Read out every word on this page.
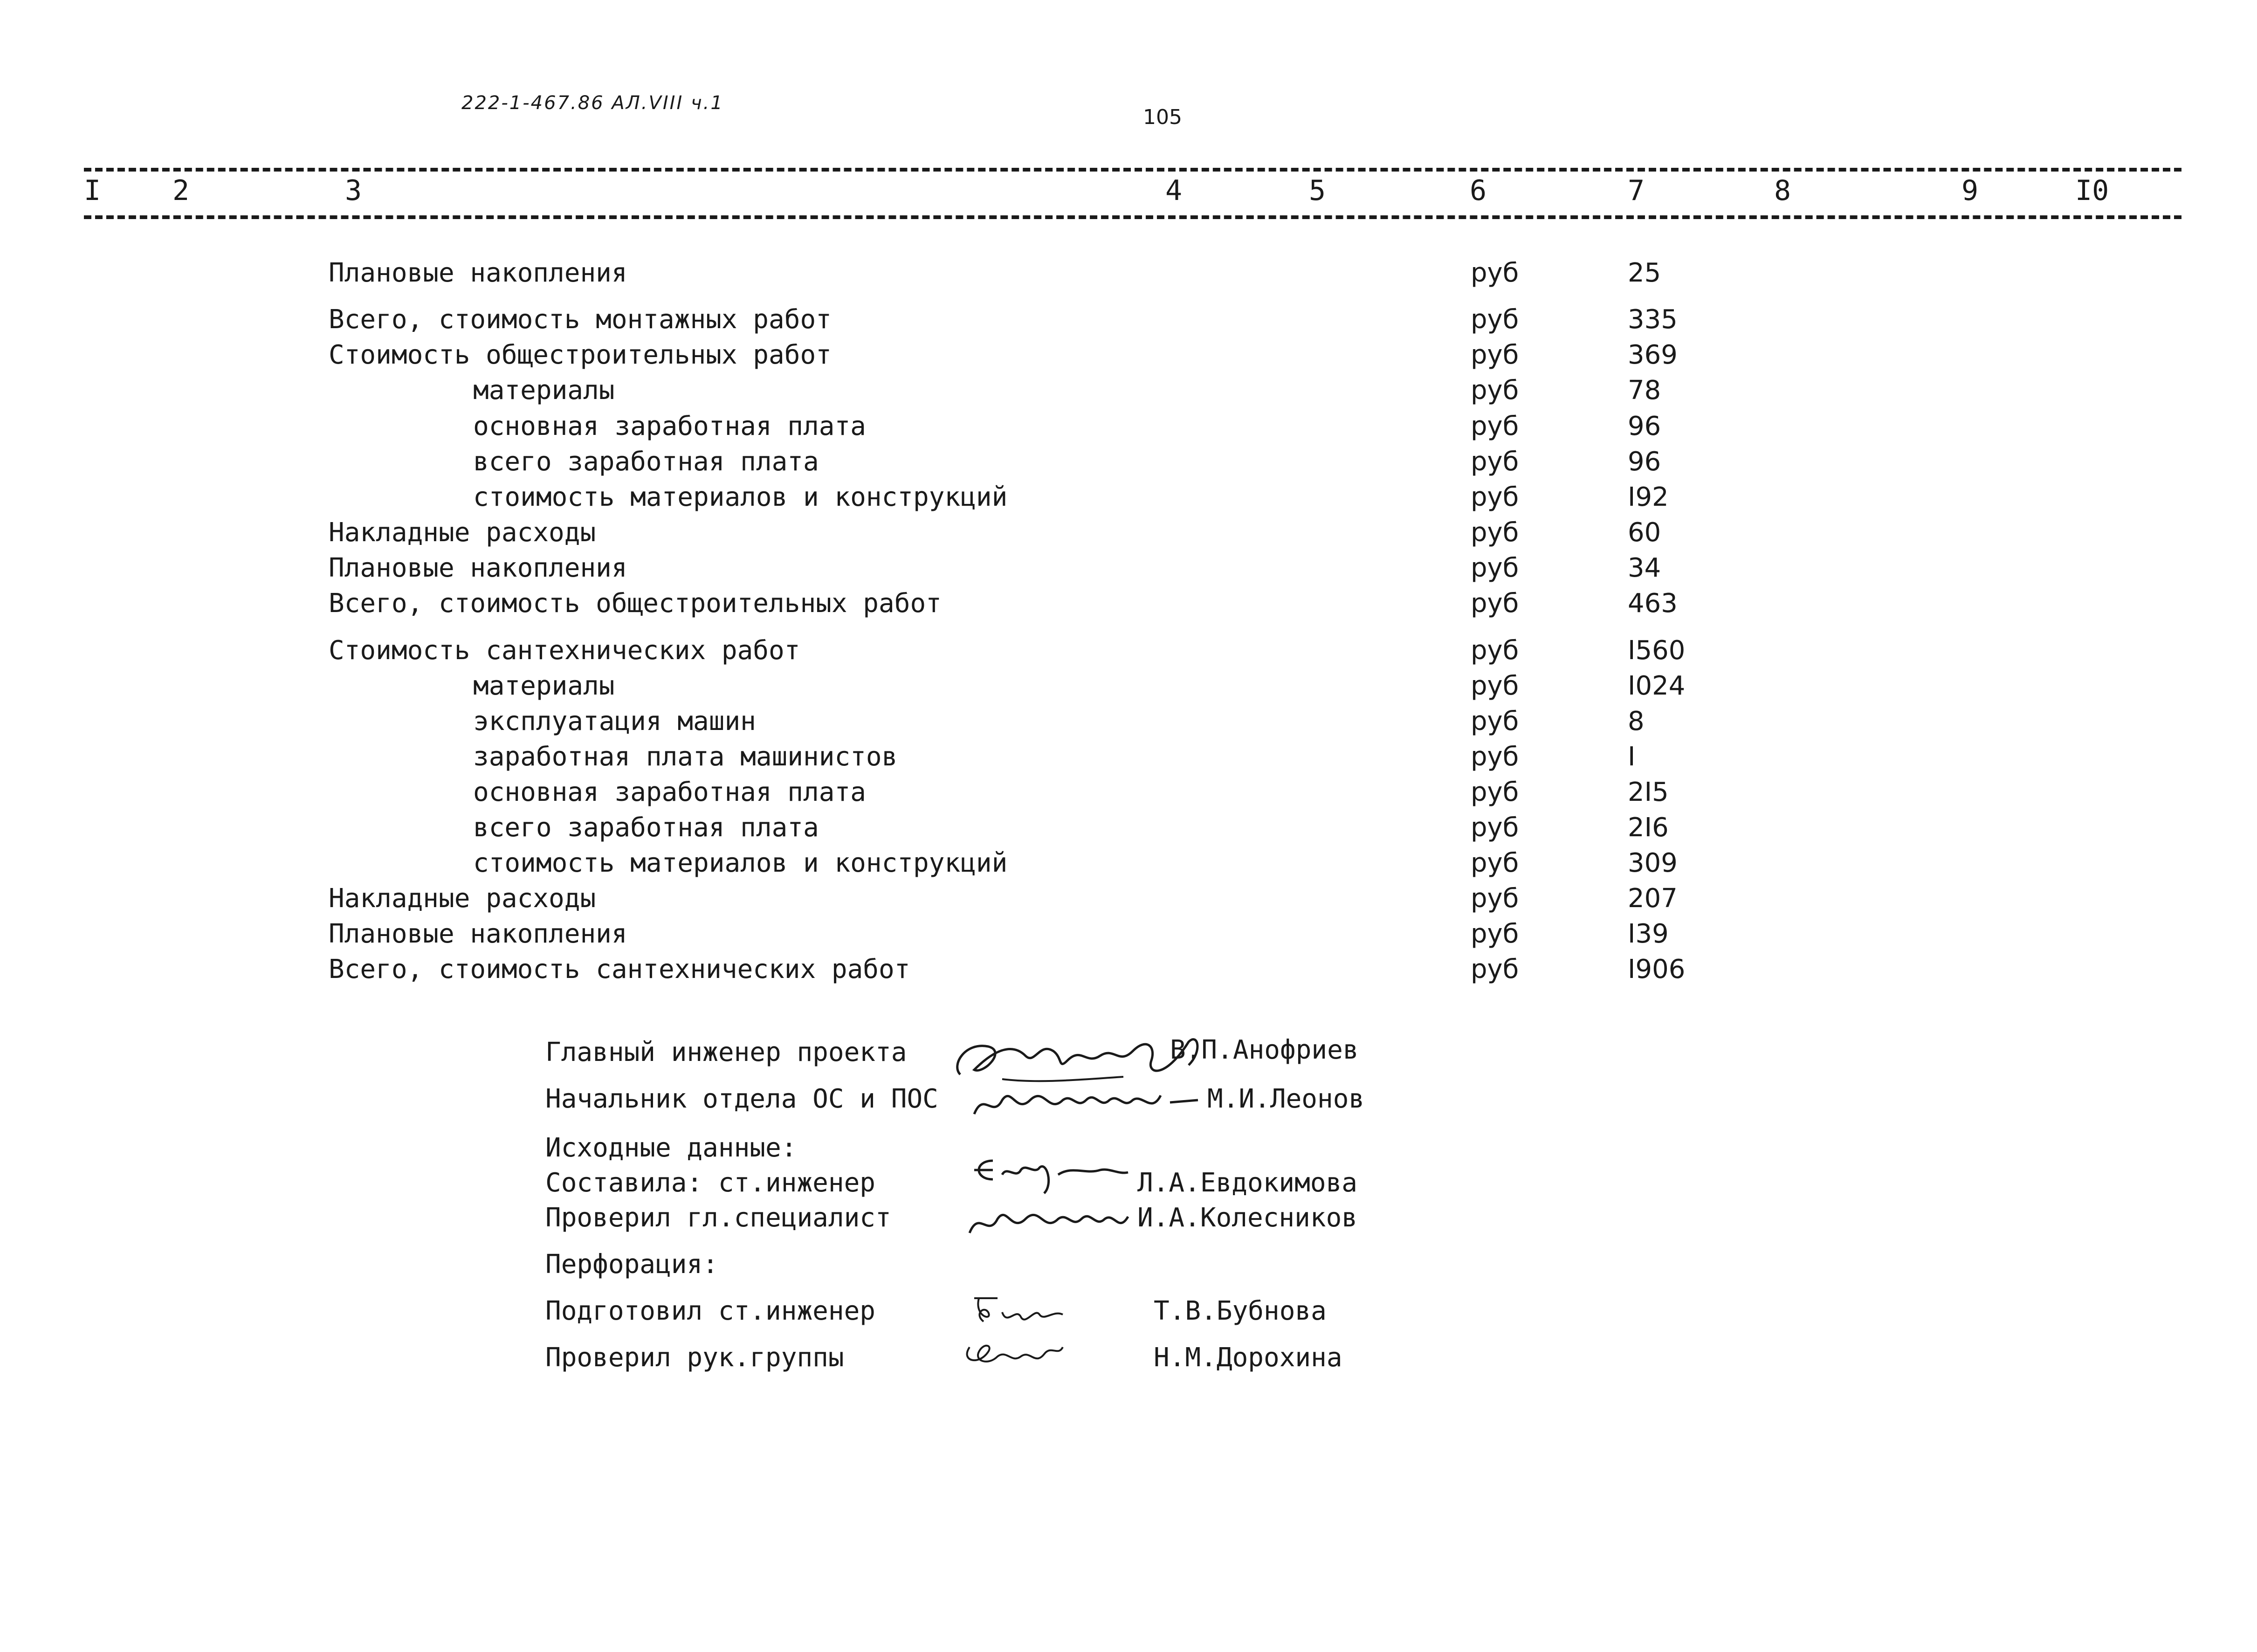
222-1-467.86 АЛ.VIII ч.1
105
I	2	3	4	5	6	7	8	9	I0
Плановые накопления	руб	25
Всего, стоимость монтажных работ	руб	335
Стоимость общестроительных работ	руб	369
материалы	руб	78
основная заработная плата	руб	96
всего заработная плата	руб	96
стоимость материалов и конструкций	руб	I92
Накладные расходы	руб	60
Плановые накопления	руб	34
Всего, стоимость общестроительных работ	руб	463
Стоимость сантехнических работ	руб	I560
материалы	руб	I024
эксплуатация машин	руб	8
заработная плата машинистов	руб	I
основная заработная плата	руб	2I5
всего заработная плата	руб	2I6
стоимость материалов и конструкций	руб	309
Накладные расходы	руб	207
Плановые накопления	руб	I39
Всего, стоимость сантехнических работ	руб	I906
Главный инженер проекта	В.П.Анофриев
Начальник отдела ОС и ПОС	М.И.Леонов
Исходные данные:
Составила: ст.инженер	Л.А.Евдокимова
Проверил гл.специалист	И.А.Колесников
Перфорация:
Подготовил ст.инженер	Т.В.Бубнова
Проверил рук.группы	Н.М.Дорохина
